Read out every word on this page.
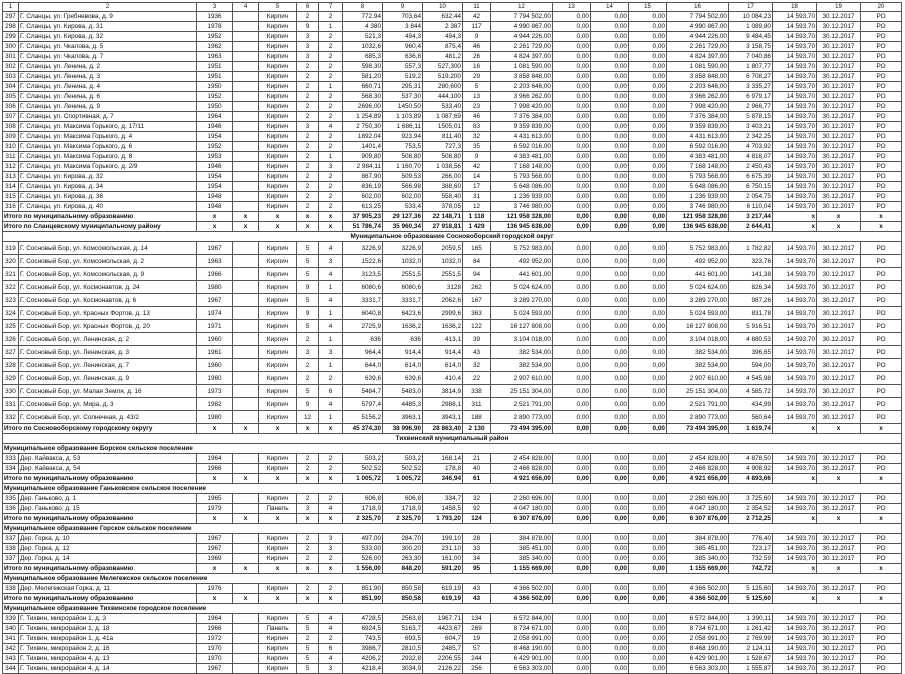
1	2	3	4	5	6	7	8	9	10	11	12	13	14	15	16	17	18	19	20
297	Г. Сланцы, ул. Гребневова, д. 9	1936		Кирпич	2	2	772,94	703,64	632,44	42	7 794 502,00	0,00	0,00	0,00	7 794 502,00	10 084,23	14 593,70	30.12.2017	РО
298	Г. Сланцы, ул. Кирова, д. 31	1978		Кирпич	9	1	4 380	3 844	2 387	117	4 990 867,00	0,00	0,00	0,00	4 990 867,00	1 089,80	14 593,70	30.12.2017	РО
299	Г. Сланцы, ул. Кирова, д. 32	1952		Кирпич	3	2	521,3	494,3	494,3	9	4 944 226,00	0,00	0,00	0,00	4 944 226,00	9 484,45	14 593,70	30.12.2017	РО
300	Г. Сланцы, ул. Чкалова, д. 5	1962		Кирпич	3	2	1032,6	960,4	875,4	46	2 261 729,00	0,00	0,00	0,00	2 261 729,00	3 158,75	14 593,70	30.12.2017	РО
301	Г. Сланцы, ул. Чкалова, д. 7	1963		Кирпич	3	2	685,3	636,8	481,2	26	4 824 397,00	0,00	0,00	0,00	4 824 397,00	7 040,86	14 593,70	30.12.2017	РО
302	Г. Сланцы, ул. Ленина, д. 2	1951		Кирпич	2	2	598,30	557,3	527,300	16	1 081 590,00	0,00	0,00	0,00	1 081 590,00	1 807,77	14 593,70	30.12.2017	РО
303	Г. Сланцы, ул. Ленина, д. 3	1951		Кирпич	2	2	581,20	519,2	519,200	29	3 858 848,00	0,00	0,00	0,00	3 858 848,00	6 708,27	14 593,70	30.12.2017	РО
304	Г. Сланцы, ул. Ленина, д. 4	1950		Кирпич	2	1	660,71	295,31	280,600	5	2 203 646,00	0,00	0,00	0,00	2 203 646,00	3 335,27	14 593,70	30.12.2017	РО
305	Г. Сланцы, ул. Ленина, д. 6	1952		Кирпич	2	2	568,30	537,30	444,100	13	3 966 262,00	0,00	0,00	0,00	3 966 262,00	6 979,17	14 593,70	30.12.2017	РО
306	Г. Сланцы, ул. Ленина, д. 9	1950		Кирпич	2	2	2696,00	1450,50	533,40	23	7 998 420,00	0,00	0,00	0,00	7 998 420,00	2 966,77	14 593,70	30.12.2017	РО
307	Г. Сланцы, ул. Спортивная, д. 7	1964		Кирпич	2	2	1 254,89	1 103,89	1 087,69	46	7 376 384,00	0,00	0,00	0,00	7 376 384,00	5 878,15	14 593,70	30.12.2017	РО
308	Г. Сланцы, ул. Максима Горького, д. 17/11	1946		Кирпич	3	4	2 750,30	1 686,11	1505,01	83	9 359 839,00	0,00	0,00	0,00	9 359 839,00	3 403,21	14 593,70	30.12.2017	РО
309	Г. Сланцы, ул. Максима Горького, д. 4	1954		Кирпич	2	2	1892,04	923,94	811,40	32	4 431 613,00	0,00	0,00	0,00	4 431 613,00	2 342,25	14 593,70	30.12.2017	РО
310	Г. Сланцы, ул. Максима Горького, д. 6	1952		Кирпич	2	2	1401,4	753,5	727,3	35	6 592 016,00	0,00	0,00	0,00	6 592 016,00	4 703,92	14 593,70	30.12.2017	РО
311	Г. Сланцы, ул. Максима Горького, д. 8	1953		Кирпич	2	1	909,80	508,80	508,80	9	4 383 481,00	0,00	0,00	0,00	4 383 481,00	4 818,07	14 593,70	30.12.2017	РО
312	Г. Сланцы, ул. Максима Горького, д. 2/9	1946		Кирпич	2	3	2 984,11	1 160,70	1 038,56	42	7 168 148,00	0,00	0,00	0,00	7 168 148,00	2 450,43	14 593,70	30.12.2017	РО
313	Г. Сланцы, ул. Кирова, д. 32	1954		Кирпич	2	2	867,90	509,53	266,00	14	5 793 568,00	0,00	0,00	0,00	5 793 568,00	6 675,39	14 593,70	30.12.2017	РО
314	Г. Сланцы, ул. Кирова, д. 34	1954		Кирпич	2	2	836,19	566,98	388,60	17	5 648 086,00	0,00	0,00	0,00	5 648 086,00	6 750,15	14 593,70	30.12.2017	РО
315	Г. Сланцы, ул. Кирова, д. 36	1948		Кирпич	2	2	602,00	602,00	558,40	31	1 236 939,00	0,00	0,00	0,00	1 236 939,00	2 054,75	14 593,70	30.12.2017	РО
316	Г. Сланцы, ул. Кирова, д. 40	1948		Кирпич	2	2	613,25	533,4	378,05	12	3 746 980,00	0,00	0,00	0,00	3 746 980,00	6 110,04	14 593,70	30.12.2017	РО
Итого по муниципальному образованию		x	x	x	x	x	37 905,23	29 127,36	22 148,71	1 118	121 958 328,00	0,00	0,00	0,00	121 958 328,00	3 217,44	x	x	x
Итого по Сланцевскому муниципальному району		x	x	x	x	x	51 786,74	35 960,34	27 918,81	1 429	136 945 638,00	0,00	0,00	0,00	136 945 638,00	2 644,41	x	x	x
Муниципальное образование Сосновоборский городской округ																			
319	Г. Сосновый Бор, ул. Комсомольская, д. 14	1967		Кирпич	5	4	3226,9	3226,9	2059,5	165	5 752 983,00	0,00	0,00	0,00	5 752 983,00	1 782,82	14 593,70	30.12.2017	РО
320	Г. Сосновый Бор, ул. Комсомольская, д. 2	1963		Кирпич	5	3	1522,6	1032,0	1032,0	84	492 952,00	0,00	0,00	0,00	492 952,00	323,76	14 593,70	30.12.2017	РО
321	Г. Сосновый Бор, ул. Комсомольская, д. 9	1966		Кирпич	5	4	3123,5	2551,5	2551,5	94	441 601,00	0,00	0,00	0,00	441 601,00	141,38	14 593,70	30.12.2017	РО
322	Г. Сосновый Бор, ул. Космонавтов, д. 24	1980		Кирпич	9	1	6080,6	6080,6	3128	262	5 024 624,00	0,00	0,00	0,00	5 024 624,00	826,34	14 593,70	30.12.2017	РО
323	Г. Сосновый Бор, ул. Космонавтов, д. 6	1967		Кирпич	5	4	3331,7	3331,7	2062,6	167	3 289 270,00	0,00	0,00	0,00	3 289 270,00	987,26	14 593,70	30.12.2017	РО
324	Г. Сосновый Бор, ул. Красных Фортов, д. 13	1974		Кирпич	9	1	6040,8	6423,6	2999,6	363	5 024 593,00	0,00	0,00	0,00	5 024 593,00	831,78	14 593,70	30.12.2017	РО
325	Г. Сосновый Бор, ул. Красных Фортов, д. 20	1971		Кирпич	5	4	2725,9	1636,2	1636,2	122	16 127 808,00	0,00	0,00	0,00	16 127 808,00	5 916,51	14 593,70	30.12.2017	РО
326	Г. Сосновый Бор, ул. Ленинская, д. 2	1960		Кирпич	2	1	636	636	413,1	39	3 104 018,00	0,00	0,00	0,00	3 104 018,00	4 880,53	14 593,70	30.12.2017	РО
327	Г. Сосновый Бор, ул. Ленинская, д. 3	1961		Кирпич	3	3	964,4	914,4	914,4	43	382 534,00	0,00	0,00	0,00	382 534,00	396,65	14 593,70	30.12.2017	РО
328	Г. Сосновый Бор, ул. Ленинская, д. 7	1960		Кирпич	2	1	644,0	614,0	614,0	32	382 534,00	0,00	0,00	0,00	382 534,00	594,00	14 593,70	30.12.2017	РО
329	Г. Сосновый Бор, ул. Ленинская, д. 9	1960		Кирпич	2	2	639,6	639,6	410,4	22	2 907 610,00	0,00	0,00	0,00	2 907 610,00	4 545,98	14 593,70	30.12.2017	РО
330	Г. Сосновый Бор, ул. Малая Земля, д. 16	1973		Кирпич	5	6	5484,7	5483,0	3814,9	338	25 151 304,00	0,00	0,00	0,00	25 151 304,00	4 585,72	14 593,70	30.12.2017	РО
331	Г. Сосновый Бор, ул. Мира, д. 3	1982		Кирпич	9	4	5797,4	4485,3	2988,1	311	2 521 791,00	0,00	0,00	0,00	2 521 791,00	434,99	14 593,70	30.12.2017	РО
332	Г. Сосновый Бор, ул. Солнечная, д. 43/2	1980		Кирпич	12	1	5156,2	3963,1	3943,1	188	2 890 773,00	0,00	0,00	0,00	2 890 773,00	560,64	14 593,70	30.12.2017	РО
Итого по Сосновоборскому городскому округу		x	x	x	x	x	45 374,30	38 996,90	28 863,40	2 130	73 494 395,00	0,00	0,00	0,00	73 494 395,00	1 619,74	x	x	x
Тихвинский муниципальный район																			
Муниципальное образование Борское сельское поселение																			
333	Дер. Кайвакса, д. 53	1964		Кирпич	2	2	503,2	503,2	168,14	21	2 454 828,00	0,00	0,00	0,00	2 454 828,00	4 878,50	14 593,70	30.12.2017	РО
334	Дер. Кайвакса, д. 54	1966		Кирпич	2	2	502,52	502,52	178,8	40	2 466 828,00	0,00	0,00	0,00	2 466 828,00	4 908,92	14 593,70	30.12.2017	РО
Итого по муниципальному образованию		x	x	x	x	x	1 005,72	1 005,72	346,94	61	4 921 656,00	0,00	0,00	0,00	4 921 656,00	4 893,66	x	x	x
Муниципальное образование Ганьковское сельское поселение																			
335	Дер. Ганьково, д. 1	1965		Кирпич	2	2	606,8	606,8	334,7	32	2 260 696,00	0,00	0,00	0,00	2 260 696,00	3 725,60	14 593,70	30.12.2017	РО
336	Дер. Ганьково, д. 15	1979		Панель	3	4	1718,9	1718,9	1458,5	92	4 047 180,00	0,00	0,00	0,00	4 047 180,00	2 354,52	14 593,70	30.12.2017	РО
Итого по муниципальному образованию		x	x	x	x	x	2 325,70	2 325,70	1 793,20	124	6 307 876,00	0,00	0,00	0,00	6 307 876,00	2 712,25	x	x	x
Муниципальное образование Горское сельское поселение																			
337	Дер. Горка, д. 10	1967		Кирпич	2	3	497,00	284,70	199,10	28	384 878,00	0,00	0,00	0,00	384 878,00	776,40	14 593,70	30.12.2017	РО
338	Дер. Горка, д. 12	1967		Кирпич	2	3	533,00	300,20	231,10	33	385 451,00	0,00	0,00	0,00	385 451,00	723,17	14 593,70	30.12.2017	РО
337	Дер. Горка, д. 14	1969		Кирпич	2	2	526,00	263,30	161,00	34	385 340,00	0,00	0,00	0,00	385 340,00	732,59	14 593,70	30.12.2017	РО
Итого по муниципальному образованию		x	x	x	x	x	1 556,00	848,20	591,20	95	1 155 669,00	0,00	0,00	0,00	1 155 669,00	742,72	x	x	x
Муниципальное образование Мелегежское сельское поселение																			
338	Дер. Мелегежская Горка, д. 11	1976		Кирпич	2	2	851,90	850,58	619,19	43	4 366 502,00	0,00	0,00	0,00	4 366 502,00	5 125,60	14 593,70	30.12.2017	РО
Итого по муниципальному образованию		x	x	x	x	x	851,90	850,58	619,19	43	4 366 502,00	0,00	0,00	0,00	4 366 502,00	5 125,60	x	x	x
Муниципальное образование Тихвинское городское поселение																			
339	Г. Тихвин, микрорайон 1, д. 3	1964		Кирпич	5	4	4728,5	2563,8	1967,71	134	6 572 844,00	0,00	0,00	0,00	6 572 844,00	1 390,11	14 593,70	30.12.2017	РО
340	Г. Тихвин, микрорайон 1, д. 18	1966		Панель	5	4	6924,5	5163,7	4423,67	269	8 734 671,00	0,00	0,00	0,00	8 734 671,00	1 261,42	14 593,70	30.12.2017	РО
341	Г. Тихвин, микрорайон 1, д. 41а	1972		Кирпич	2	2	743,5	693,5	604,7	19	2 058 991,00	0,00	0,00	0,00	2 058 991,00	2 769,99	14 593,70	30.12.2017	РО
342	Г. Тихвин, микрорайон 2, д. 16	1970		Кирпич	5	6	3986,7	2810,5	2485,7	57	8 468 190,00	0,00	0,00	0,00	8 468 190,00	2 124,11	14 593,70	30.12.2017	РО
343	Г. Тихвин, микрорайон 4, д. 13	1970		Кирпич	5	4	4206,2	2932,8	2206,55	244	6 429 901,00	0,00	0,00	0,00	6 429 901,00	1 528,67	14 593,70	30.12.2017	РО
344	Г. Тихвин, микрорайон 4, д. 14	1967		Кирпич	5	3	4218,4	3034,9	2126,22	256	6 563 303,00	0,00	0,00	0,00	6 563 303,00	1 555,87	14 593,70	30.12.2017	РО
